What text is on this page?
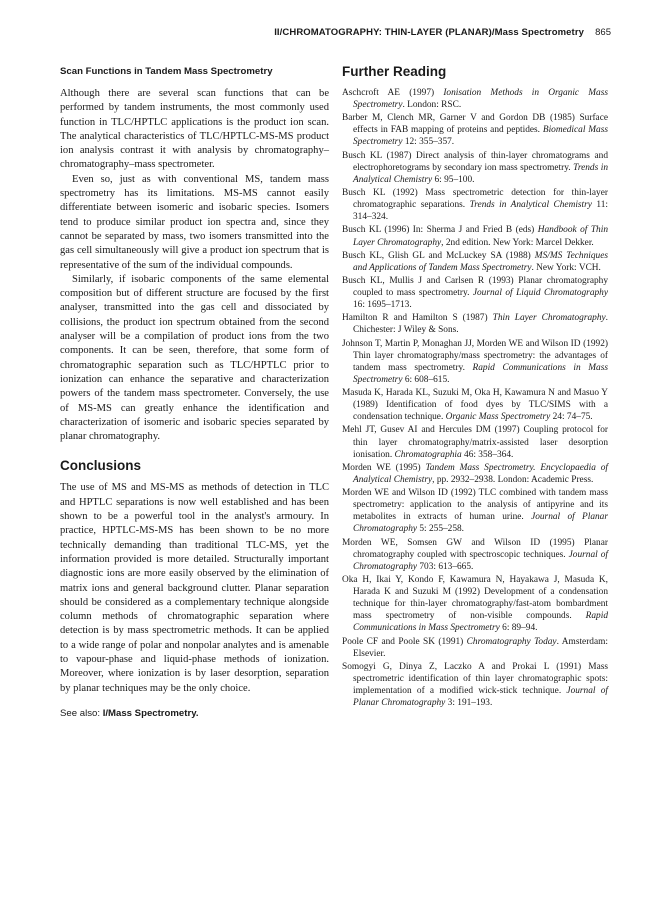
II/CHROMATOGRAPHY: THIN-LAYER (PLANAR)/Mass Spectrometry 865
Scan Functions in Tandem Mass Spectrometry

Although there are several scan functions that can be performed by tandem instruments, the most commonly used function in TLC/HPTLC applications is the product ion scan. The analytical characteristics of TLC/HPTLC-MS-MS product ion analysis contrast it with analysis by chromatography–chromatography–mass spectrometer.

Even so, just as with conventional MS, tandem mass spectrometry has its limitations. MS-MS cannot easily differentiate between isomeric and isobaric species. Isomers tend to produce similar product ion spectra and, since they cannot be separated by mass, two isomers transmitted into the gas cell simultaneously will give a product ion spectrum that is representative of the sum of the individual compounds.

Similarly, if isobaric components of the same elemental composition but of different structure are focused by the first analyser, transmitted into the gas cell and dissociated by collisions, the product ion spectrum obtained from the second analyser will be a compilation of product ions from the two components. It can be seen, therefore, that some form of chromatographic separation such as TLC/HPTLC prior to ionization can enhance the separative and characterization powers of the tandem mass spectrometer. Conversely, the use of MS-MS can greatly enhance the identification and characterization of isomeric and isobaric species separated by planar chromatography.

Conclusions

The use of MS and MS-MS as methods of detection in TLC and HPTLC separations is now well established and has been shown to be a powerful tool in the analyst's armoury. In practice, HPTLC-MS-MS has been shown to be no more technically demanding than traditional TLC-MS, yet the information provided is more detailed. Structurally important diagnostic ions are more easily observed by the elimination of matrix ions and general background clutter. Planar separation should be considered as a complementary technique alongside column methods of chromatographic separation where detection is by mass spectrometric methods. It can be applied to a wide range of polar and nonpolar analytes and is amenable to vapour-phase and liquid-phase methods of ionization. Moreover, where ionization is by laser desorption, separation by planar techniques may be the only choice.

See also: I/Mass Spectrometry.
Further Reading

Aschcroft AE (1997) Ionisation Methods in Organic Mass Spectrometry. London: RSC.

Barber M, Clench MR, Garner V and Gordon DB (1985) Surface effects in FAB mapping of proteins and peptides. Biomedical Mass Spectrometry 12: 355–357.

Busch KL (1987) Direct analysis of thin-layer chromatograms and electrophoretograms by secondary ion mass spectrometry. Trends in Analytical Chemistry 6: 95–100.

Busch KL (1992) Mass spectrometric detection for thin-layer chromatographic separations. Trends in Analytical Chemistry 11: 314–324.

Busch KL (1996) In: Sherma J and Fried B (eds) Handbook of Thin Layer Chromatography, 2nd edition. New York: Marcel Dekker.

Busch KL, Glish GL and McLuckey SA (1988) MS/MS Techniques and Applications of Tandem Mass Spectrometry. New York: VCH.

Busch KL, Mullis J and Carlsen R (1993) Planar chromatography coupled to mass spectrometry. Journal of Liquid Chromatography 16: 1695–1713.

Hamilton R and Hamilton S (1987) Thin Layer Chromatography. Chichester: J Wiley & Sons.

Johnson T, Martin P, Monaghan JJ, Morden WE and Wilson ID (1992) Thin layer chromatography/mass spectrometry: the advantages of tandem mass spectrometry. Rapid Communications in Mass Spectrometry 6: 608–615.

Masuda K, Harada KL, Suzuki M, Oka H, Kawamura N and Masuo Y (1989) Identification of food dyes by TLC/SIMS with a condensation technique. Organic Mass Spectrometry 24: 74–75.

Mehl JT, Gusev AI and Hercules DM (1997) Coupling protocol for thin layer chromatography/matrix-assisted laser desorption ionisation. Chromatographia 46: 358–364.

Morden WE (1995) Tandem Mass Spectrometry. Encyclopaedia of Analytical Chemistry, pp. 2932–2938. London: Academic Press.

Morden WE and Wilson ID (1992) TLC combined with tandem mass spectrometry: application to the analysis of antipyrine and its metabolites in extracts of human urine. Journal of Planar Chromatography 5: 255–258.

Morden WE, Somsen GW and Wilson ID (1995) Planar chromatography coupled with spectroscopic techniques. Journal of Chromatography 703: 613–665.

Oka H, Ikai Y, Kondo F, Kawamura N, Hayakawa J, Masuda K, Harada K and Suzuki M (1992) Development of a condensation technique for thin-layer chromatography/fast-atom bombardment mass spectrometry of non-visible compounds. Rapid Communications in Mass Spectrometry 6: 89–94.

Poole CF and Poole SK (1991) Chromatography Today. Amsterdam: Elsevier.

Somogyi G, Dinya Z, Laczko A and Prokai L (1991) Mass spectrometric identification of thin layer chromatographic spots: implementation of a modified wick-stick technique. Journal of Planar Chromatography 3: 191–193.
